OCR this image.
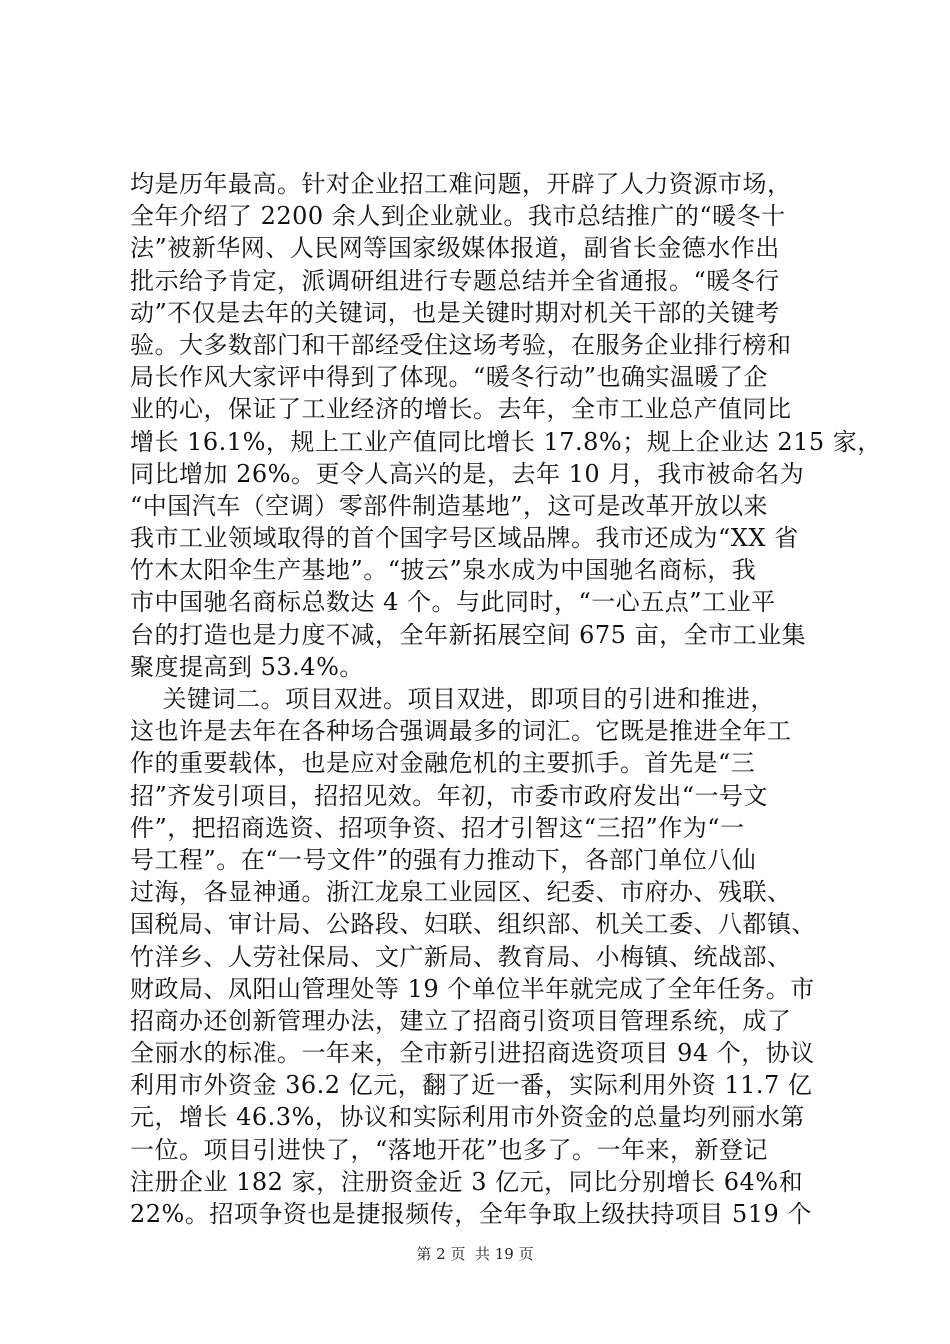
均是历年最高。针对企业招工难问题，开辟了人力资源市场，
全年介绍了 2200 余人到企业就业。我市总结推广的“暖冬十
法”被新华网、人民网等国家级媒体报道，副省长金德水作出
批示给予肯定，派调研组进行专题总结并全省通报。“暖冬行
动”不仅是去年的关键词，也是关键时期对机关干部的关键考
验。大多数部门和干部经受住这场考验，在服务企业排行榜和
局长作风大家评中得到了体现。“暖冬行动”也确实温暖了企
业的心，保证了工业经济的增长。去年，全市工业总产值同比
增长 16.1%，规上工业产值同比增长 17.8%；规上企业达 215 家，
同比增加 26%。更令人高兴的是，去年 10 月，我市被命名为
“中国汽车（空调）零部件制造基地”，这可是改革开放以来
我市工业领域取得的首个国字号区域品牌。我市还成为“XX 省
竹木太阳伞生产基地”。“披云”泉水成为中国驰名商标，我
市中国驰名商标总数达 4 个。与此同时，“一心五点”工业平
台的打造也是力度不减，全年新拓展空间 675 亩，全市工业集
聚度提高到 53.4%。
关键词二。项目双进。项目双进，即项目的引进和推进，
这也许是去年在各种场合强调最多的词汇。它既是推进全年工
作的重要载体，也是应对金融危机的主要抓手。首先是“三
招”齐发引项目，招招见效。年初，市委市政府发出“一号文
件”，把招商选资、招项争资、招才引智这“三招”作为“一
号工程”。在“一号文件”的强有力推动下，各部门单位八仙
过海，各显神通。浙江龙泉工业园区、纪委、市府办、残联、
国税局、审计局、公路段、妇联、组织部、机关工委、八都镇、
竹洋乡、人劳社保局、文广新局、教育局、小梅镇、统战部、
财政局、凤阳山管理处等 19 个单位半年就完成了全年任务。市
招商办还创新管理办法，建立了招商引资项目管理系统，成了
全丽水的标准。一年来，全市新引进招商选资项目 94 个，协议
利用市外资金 36.2 亿元，翻了近一番，实际利用外资 11.7 亿
元，增长 46.3%，协议和实际利用市外资金的总量均列丽水第
一位。项目引进快了，“落地开花”也多了。一年来，新登记
注册企业 182 家，注册资金近 3 亿元，同比分别增长 64%和
22%。招项争资也是捷报频传，全年争取上级扶持项目 519 个
第 2 页  共 19 页
